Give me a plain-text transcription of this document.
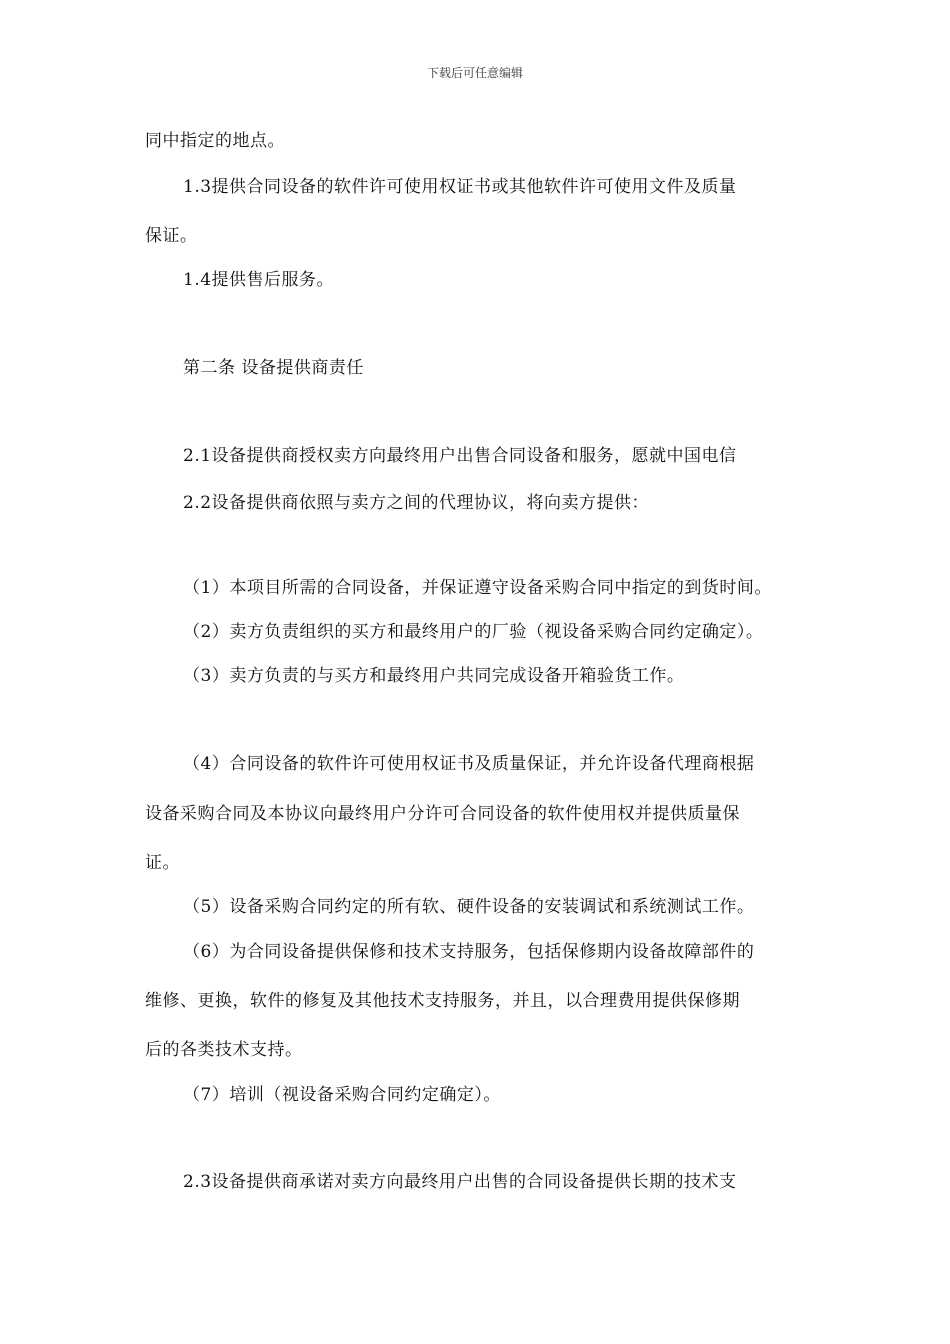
下载后可任意编辑
同中指定的地点。
1.3提供合同设备的软件许可使用权证书或其他软件许可使用文件及质量
保证。
1.4提供售后服务。
第二条 设备提供商责任
2.1设备提供商授权卖方向最终用户出售合同设备和服务，愿就中国电信
2.2设备提供商依照与卖方之间的代理协议，将向卖方提供：
（1）本项目所需的合同设备，并保证遵守设备采购合同中指定的到货时间。
（2）卖方负责组织的买方和最终用户的厂验（视设备采购合同约定确定）。
（3）卖方负责的与买方和最终用户共同完成设备开箱验货工作。
（4）合同设备的软件许可使用权证书及质量保证，并允许设备代理商根据
设备采购合同及本协议向最终用户分许可合同设备的软件使用权并提供质量保
证。
（5）设备采购合同约定的所有软、硬件设备的安装调试和系统测试工作。
（6）为合同设备提供保修和技术支持服务，包括保修期内设备故障部件的
维修、更换，软件的修复及其他技术支持服务，并且，以合理费用提供保修期
后的各类技术支持。
（7）培训（视设备采购合同约定确定）。
2.3设备提供商承诺对卖方向最终用户出售的合同设备提供长期的技术支
